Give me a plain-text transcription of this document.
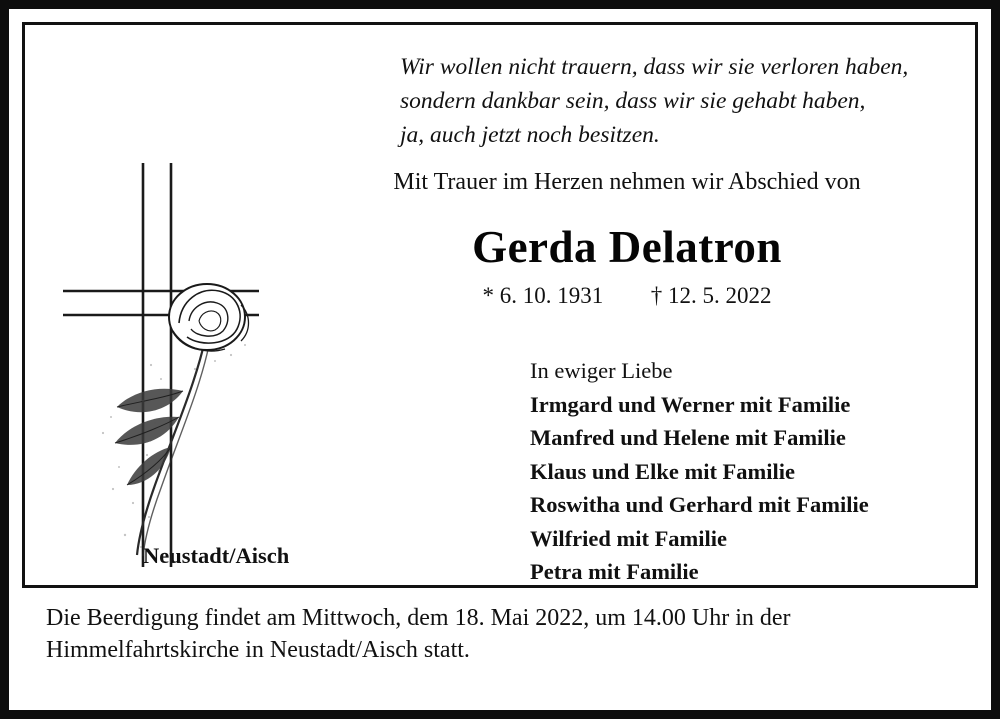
Wir wollen nicht trauern, dass wir sie verloren haben,
sondern dankbar sein, dass wir sie gehabt haben,
ja, auch jetzt noch besitzen.
Mit Trauer im Herzen nehmen wir Abschied von
Gerda Delatron
* 6. 10. 1931 † 12. 5. 2022
In ewiger Liebe
Irmgard und Werner mit Familie
Manfred und Helene mit Familie
Klaus und Elke mit Familie
Roswitha und Gerhard mit Familie
Wilfried mit Familie
Petra mit Familie
Neustadt/Aisch
Die Beerdigung findet am Mittwoch, dem 18. Mai 2022, um 14.00 Uhr in der
Himmelfahrtskirche in Neustadt/Aisch statt.
